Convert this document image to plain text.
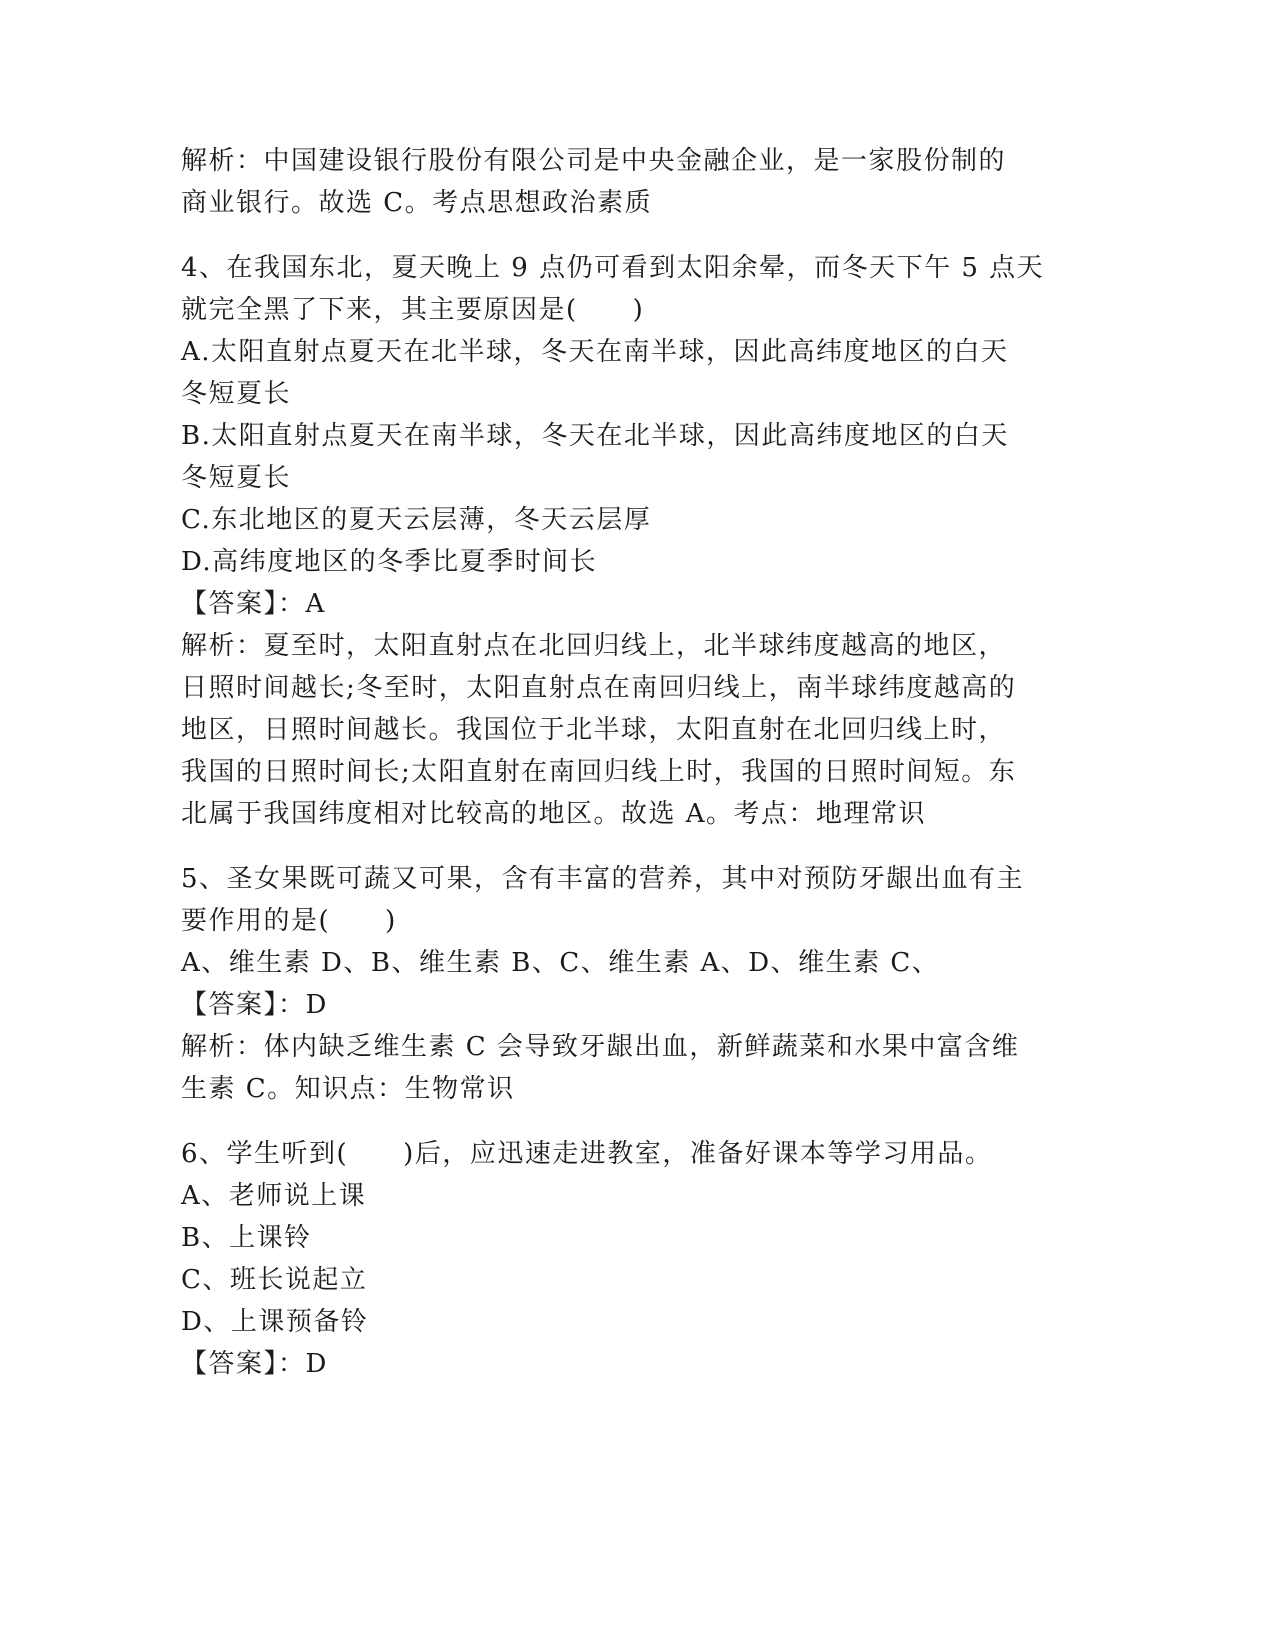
解析：中国建设银行股份有限公司是中央金融企业，是一家股份制的
商业银行。故选 C。考点思想政治素质
4、在我国东北，夏天晚上 9 点仍可看到太阳余晕，而冬天下午 5 点天
就完全黑了下来，其主要原因是(　　)
A.太阳直射点夏天在北半球，冬天在南半球，因此高纬度地区的白天
冬短夏长
B.太阳直射点夏天在南半球，冬天在北半球，因此高纬度地区的白天
冬短夏长
C.东北地区的夏天云层薄，冬天云层厚
D.高纬度地区的冬季比夏季时间长
【答案】：A
解析：夏至时，太阳直射点在北回归线上，北半球纬度越高的地区，
日照时间越长;冬至时，太阳直射点在南回归线上，南半球纬度越高的
地区，日照时间越长。我国位于北半球，太阳直射在北回归线上时，
我国的日照时间长;太阳直射在南回归线上时，我国的日照时间短。东
北属于我国纬度相对比较高的地区。故选 A。考点：地理常识
5、圣女果既可蔬又可果，含有丰富的营养，其中对预防牙龈出血有主
要作用的是(　　)
A、维生素 D、B、维生素 B、C、维生素 A、D、维生素 C、
【答案】：D
解析：体内缺乏维生素 C 会导致牙龈出血，新鲜蔬菜和水果中富含维
生素 C。知识点：生物常识
6、学生听到(　　)后，应迅速走进教室，准备好课本等学习用品。
A、老师说上课
B、上课铃
C、班长说起立
D、上课预备铃
【答案】：D
